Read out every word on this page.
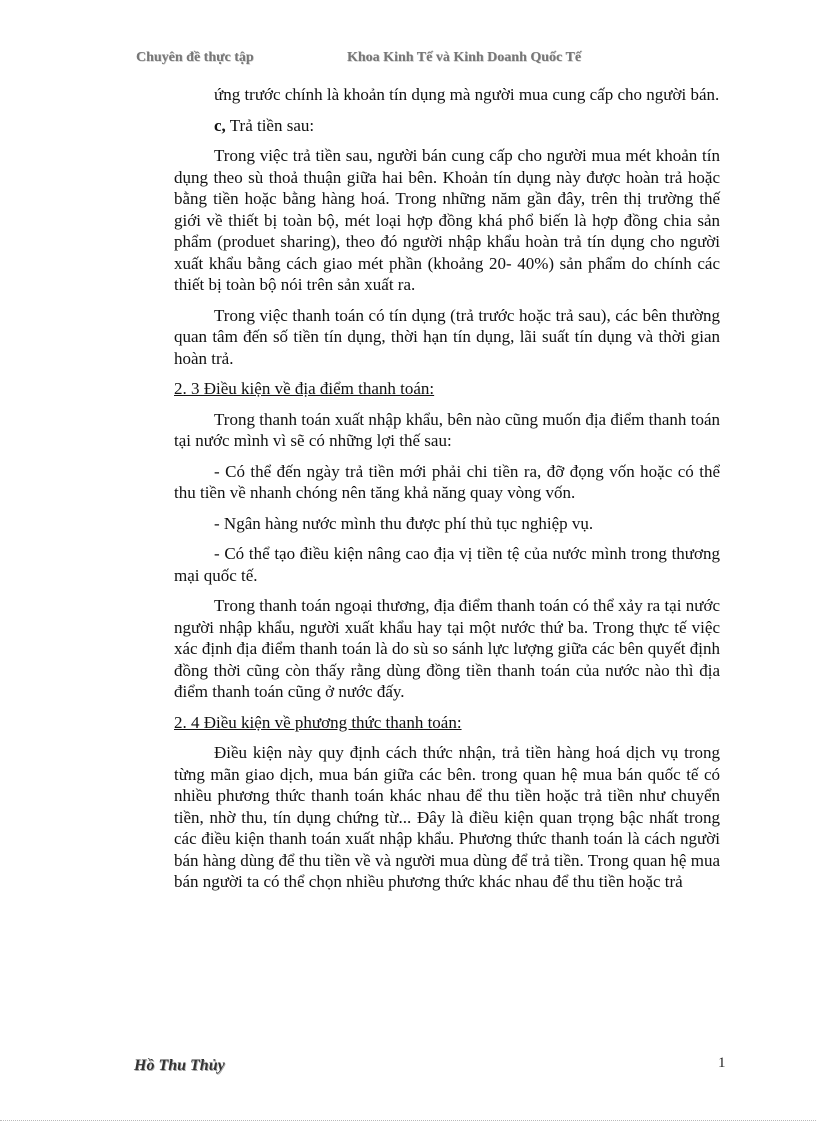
Chuyên đề thực tập	Khoa Kinh Tế và Kinh Doanh Quốc Tế

ứng trước chính là khoản tín dụng mà người mua cung cấp cho người bán.

c, Trả tiền sau:

Trong việc trả tiền sau, người bán cung cấp cho người mua mét khoản tín dụng theo sù thoả thuận giữa hai bên. Khoản tín dụng này được hoàn trả hoặc bằng tiền hoặc bằng hàng hoá. Trong những năm gần đây, trên thị trường thế giới về thiết bị toàn bộ, mét loại hợp đồng khá phổ biến là hợp đồng chia sản phẩm (produet sharing), theo đó người nhập khẩu hoàn trả tín dụng cho người xuất khẩu bằng cách giao mét phần (khoảng 20- 40%) sản phẩm do chính các thiết bị toàn bộ nói trên sản xuất ra.

Trong việc thanh toán có tín dụng (trả trước hoặc trả sau), các bên thường quan tâm đến số tiền tín dụng, thời hạn tín dụng, lãi suất tín dụng và thời gian hoàn trả.

2. 3 Điều kiện về địa điểm thanh toán:

Trong thanh toán xuất nhập khẩu, bên nào cũng muốn địa điểm thanh toán tại nước mình vì sẽ có những lợi thế sau:

- Có thể đến ngày trả tiền mới phải chi tiền ra, đỡ đọng vốn hoặc có thể thu tiền về nhanh chóng nên tăng khả năng quay vòng vốn.

- Ngân hàng nước mình thu được phí thủ tục nghiệp vụ.

- Có thể tạo điều kiện nâng cao địa vị tiền tệ của nước mình trong thương mại quốc tế.

Trong thanh toán ngoại thương, địa điểm thanh toán có thể xảy ra tại nước người nhập khẩu, người xuất khẩu hay tại một nước thứ ba. Trong thực tế việc xác định địa điểm thanh toán là do sù so sánh lực lượng giữa các bên quyết định đồng thời cũng còn thấy rằng dùng đồng tiền thanh toán của nước nào thì địa điểm thanh toán cũng ở nước đấy.

2. 4 Điều kiện về phương thức thanh toán:

Điều kiện này quy định cách thức nhận, trả tiền hàng hoá dịch vụ trong từng mãn giao dịch, mua bán giữa các bên. trong quan hệ mua bán quốc tế có nhiều phương thức thanh toán khác nhau để thu tiền hoặc trả tiền như chuyển tiền, nhờ thu, tín dụng chứng từ... Đây là điều kiện quan trọng bậc nhất trong các điều kiện thanh toán xuất nhập khẩu. Phương thức thanh toán là cách người bán hàng dùng để thu tiền về và người mua dùng để trả tiền. Trong quan hệ mua bán người ta có thể chọn nhiều phương thức khác nhau để thu tiền hoặc trả

Hồ Thu Thủy	1
